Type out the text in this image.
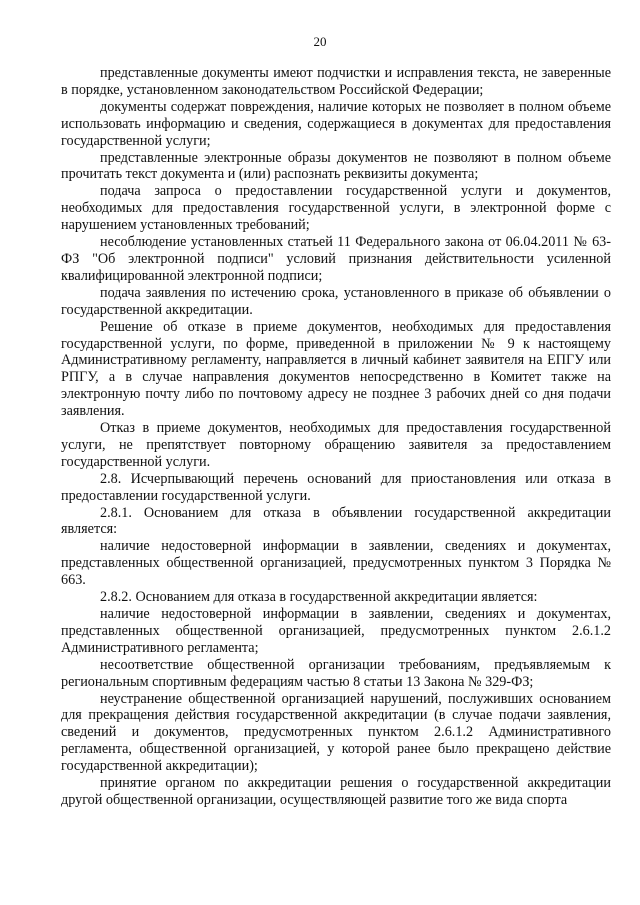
20

представленные документы имеют подчистки и исправления текста, не заверенные в порядке, установленном законодательством Российской Федерации;

документы содержат повреждения, наличие которых не позволяет в полном объеме использовать информацию и сведения, содержащиеся в документах для предоставления государственной услуги;

представленные электронные образы документов не позволяют в полном объеме прочитать текст документа и (или) распознать реквизиты документа;

подача запроса о предоставлении государственной услуги и документов, необходимых для предоставления государственной услуги, в электронной форме с нарушением установленных требований;

несоблюдение установленных статьей 11 Федерального закона от 06.04.2011 № 63-ФЗ "Об электронной подписи" условий признания действительности усиленной квалифицированной электронной подписи;

подача заявления по истечению срока, установленного в приказе об объявлении о государственной аккредитации.

Решение об отказе в приеме документов, необходимых для предоставления государственной услуги, по форме, приведенной в приложении № 9 к настоящему Административному регламенту, направляется в личный кабинет заявителя на ЕПГУ или РПГУ, а в случае направления документов непосредственно в Комитет также на электронную почту либо по почтовому адресу не позднее 3 рабочих дней со дня подачи заявления.

Отказ в приеме документов, необходимых для предоставления государственной услуги, не препятствует повторному обращению заявителя за предоставлением государственной услуги.

2.8. Исчерпывающий перечень оснований для приостановления или отказа в предоставлении государственной услуги.

2.8.1. Основанием для отказа в объявлении государственной аккредитации является:

наличие недостоверной информации в заявлении, сведениях и документах, представленных общественной организацией, предусмотренных пунктом 3 Порядка № 663.

2.8.2. Основанием для отказа в государственной аккредитации является:

наличие недостоверной информации в заявлении, сведениях и документах, представленных общественной организацией, предусмотренных пунктом 2.6.1.2 Административного регламента;

несоответствие общественной организации требованиям, предъявляемым к региональным спортивным федерациям частью 8 статьи 13 Закона № 329-ФЗ;

неустранение общественной организацией нарушений, послуживших основанием для прекращения действия государственной аккредитации (в случае подачи заявления, сведений и документов, предусмотренных пунктом 2.6.1.2 Административного регламента, общественной организацией, у которой ранее было прекращено действие государственной аккредитации);

принятие органом по аккредитации решения о государственной аккредитации другой общественной организации, осуществляющей развитие того же вида спорта
